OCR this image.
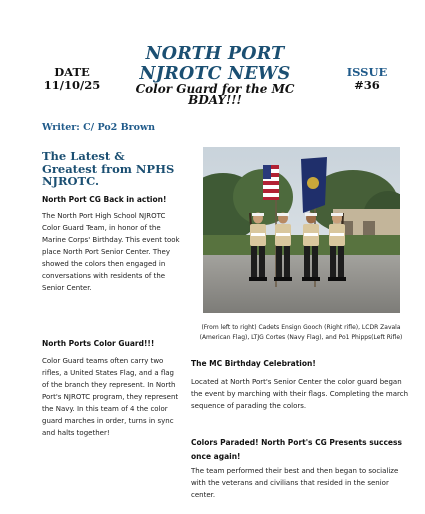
DATE
11/10/25
NORTH PORT
NJROTC NEWS
Color Guard for the MC
BDAY!!!
ISSUE
#36
Writer: C/ Po2 Brown
The Latest & Greatest from NPHS NJROTC.
North Port CG Back in action!
The North Port High School NJROTC Color Guard Team, in honor of the Marine Corps' Birthday. This event took place North Port Senior Center. They showed the colors then engaged in conversations with residents of the Senior Center.
North Ports Color Guard!!!
Color Guard teams often carry two rifles, a United States Flag, and a flag of the branch they represent. In North Port's NJROTC program, they represent the Navy. In this team of 4 the color guard marches in order, turns in sync and halts together!
(From left to right) Cadets Ensign Gooch (Right rifle), LCDR Zavala (American Flag), LTJG Cortes (Navy Flag), and Po1 Phipps(Left Rifle)
The MC Birthday Celebration!
Located at North Port's Senior Center the color guard began the event by marching with their flags. Completing the march sequence of parading the colors.
Colors Paraded! North Port's CG Presents success once again!
The team performed their best and then began to socialize with the veterans and civilians that resided in the senior center.
